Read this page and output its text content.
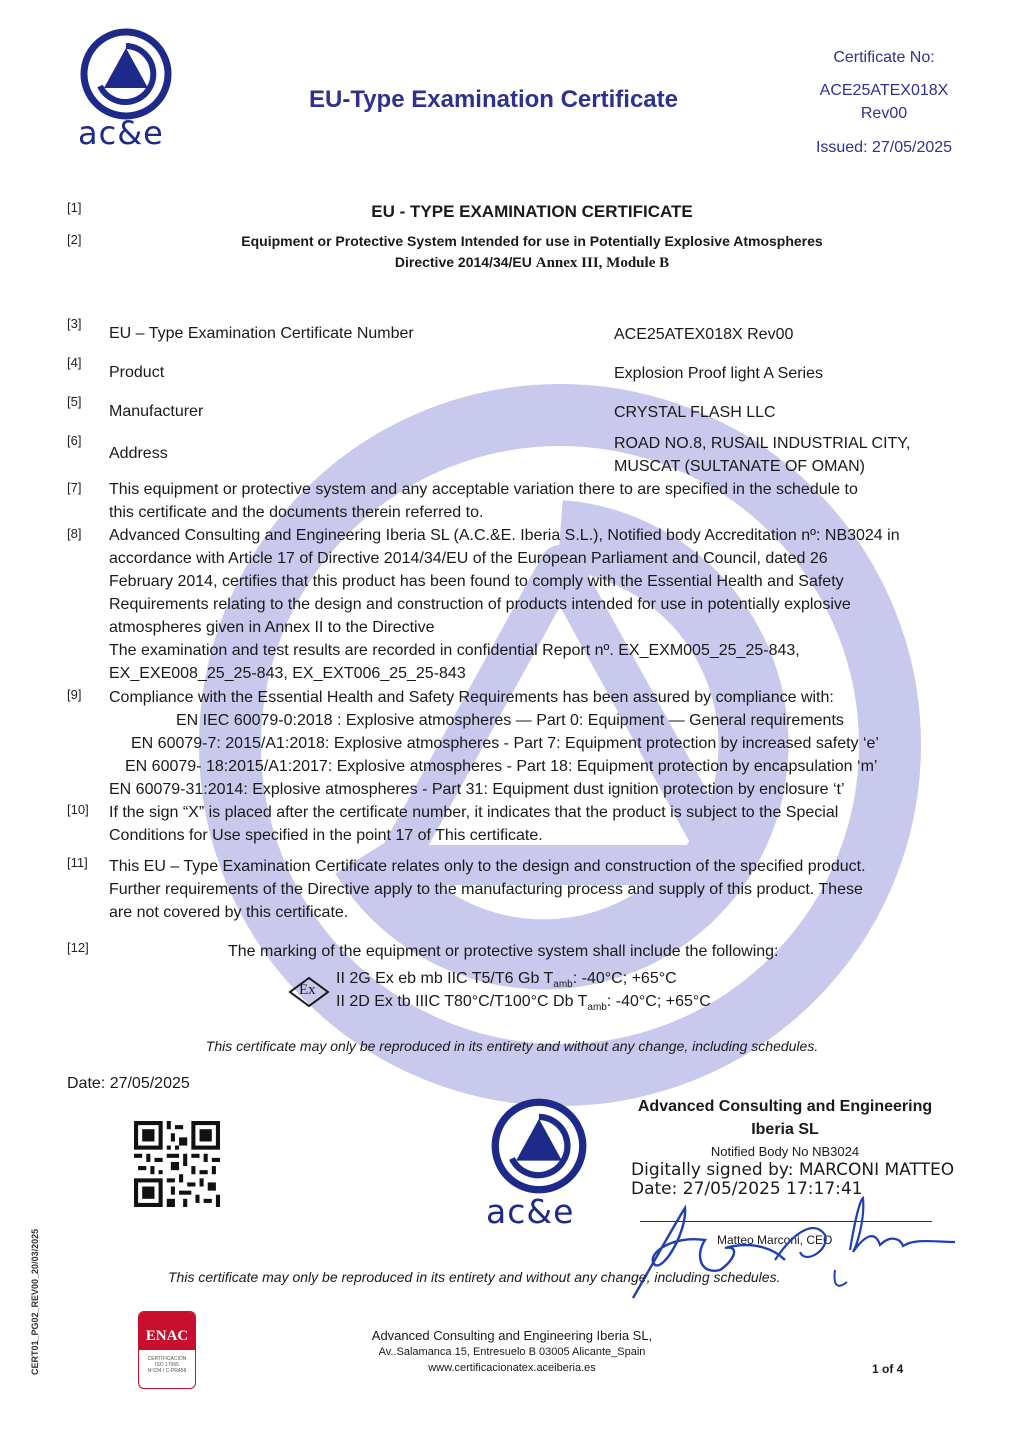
ac&e
EU-Type Examination Certificate
Certificate No:
ACE25ATEX018X
Rev00
Issued: 27/05/2025
[1]	EU - TYPE EXAMINATION CERTIFICATE
[2]	Equipment or Protective System Intended for use in Potentially Explosive Atmospheres
Directive 2014/34/EU Annex III, Module B
[3]
EU – Type Examination Certificate Number	ACE25ATEX018X Rev00
[4]
Product	Explosion Proof light A Series
[5]
Manufacturer	CRYSTAL FLASH LLC
[6]
Address
ROAD NO.8, RUSAIL INDUSTRIAL CITY,
MUSCAT (SULTANATE OF OMAN)
[7] This equipment or protective system and any acceptable variation there to are specified in the schedule to
this certificate and the documents therein referred to.
[8] Advanced Consulting and Engineering Iberia SL (A.C.&E. Iberia S.L.), Notified body Accreditation nº: NB3024 in
accordance with Article 17 of Directive 2014/34/EU of the European Parliament and Council, dated 26
February 2014, certifies that this product has been found to comply with the Essential Health and Safety
Requirements relating to the design and construction of products intended for use in potentially explosive
atmospheres given in Annex II to the Directive
The examination and test results are recorded in confidential Report nº. EX_EXM005_25_25-843,
EX_EXE008_25_25-843, EX_EXT006_25_25-843
[9] Compliance with the Essential Health and Safety Requirements has been assured by compliance with:
EN IEC 60079-0:2018 : Explosive atmospheres — Part 0: Equipment — General requirements
EN 60079-7: 2015/A1:2018: Explosive atmospheres - Part 7: Equipment protection by increased safety ‘e’
EN 60079- 18:2015/A1:2017: Explosive atmospheres - Part 18: Equipment protection by encapsulation ‘m’
EN 60079-31:2014: Explosive atmospheres - Part 31: Equipment dust ignition protection by enclosure ‘t’
[10] If the sign “X” is placed after the certificate number, it indicates that the product is subject to the Special
Conditions for Use specified in the point 17 of This certificate.
[11] This EU – Type Examination Certificate relates only to the design and construction of the specified product.
Further requirements of the Directive apply to the manufacturing process and supply of this product. These
are not covered by this certificate.
[12]	The marking of the equipment or protective system shall include the following:
Ex
II 2G Ex eb mb IIC T5/T6 Gb $T_{amb}$: -40°C; +65°C
II 2D Ex tb IIIC T80°C/T100°C Db $T_{amb}$: -40°C; +65°C
This certificate may only be reproduced in its entirety and without any change, including schedules.
Date: 27/05/2025
ac&e
Advanced Consulting and Engineering
Iberia SL
Notified Body No NB3024
Digitally signed by: MARCONI MATTEO
Date: 27/05/2025 17:17:41
Matteo Marconi, CEO
This certificate may only be reproduced in its entirety and without any change, including schedules.
CERT01_PG02_REV00_20/03/2025	ENAC
CERTIFICACIÓN
ISO 17065
Nº234 / C-PR458
Advanced Consulting and Engineering Iberia SL,
Av..Salamanca 15, Entresuelo B 03005 Alicante_Spain
www.certificacionatex.aceiberia.es	1 of 4
